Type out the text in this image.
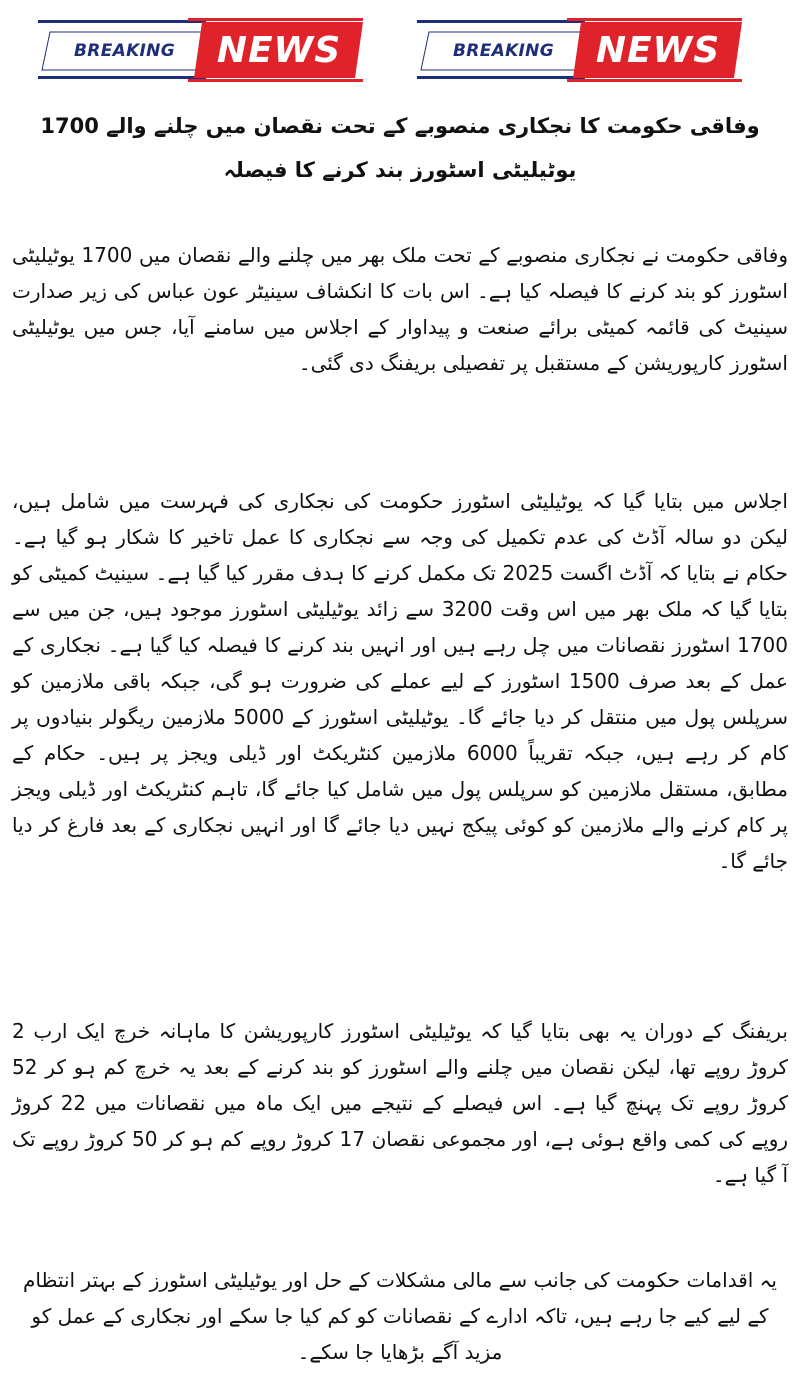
BREAKING	NEWS	BREAKING	NEWS
وفاقی حکومت کا نجکاری منصوبے کے تحت نقصان میں چلنے والے 1700 یوٹیلیٹی اسٹورز بند کرنے کا فیصلہ

وفاقی حکومت نے نجکاری منصوبے کے تحت ملک بھر میں چلنے والے نقصان میں 1700 یوٹیلیٹی اسٹورز کو بند کرنے کا فیصلہ کیا ہے۔ اس بات کا انکشاف سینیٹر عون عباس کی زیر صدارت سینیٹ کی قائمہ کمیٹی برائے صنعت و پیداوار کے اجلاس میں سامنے آیا، جس میں یوٹیلیٹی اسٹورز کارپوریشن کے مستقبل پر تفصیلی بریفنگ دی گئی۔

اجلاس میں بتایا گیا کہ یوٹیلیٹی اسٹورز حکومت کی نجکاری کی فہرست میں شامل ہیں، لیکن دو سالہ آڈٹ کی عدم تکمیل کی وجہ سے نجکاری کا عمل تاخیر کا شکار ہو گیا ہے۔ حکام نے بتایا کہ آڈٹ اگست 2025 تک مکمل کرنے کا ہدف مقرر کیا گیا ہے۔ سینیٹ کمیٹی کو بتایا گیا کہ ملک بھر میں اس وقت 3200 سے زائد یوٹیلیٹی اسٹورز موجود ہیں، جن میں سے 1700 اسٹورز نقصانات میں چل رہے ہیں اور انہیں بند کرنے کا فیصلہ کیا گیا ہے۔ نجکاری کے عمل کے بعد صرف 1500 اسٹورز کے لیے عملے کی ضرورت ہو گی، جبکہ باقی ملازمین کو سرپلس پول میں منتقل کر دیا جائے گا۔ یوٹیلیٹی اسٹورز کے 5000 ملازمین ریگولر بنیادوں پر کام کر رہے ہیں، جبکہ تقریباً 6000 ملازمین کنٹریکٹ اور ڈیلی ویجز پر ہیں۔ حکام کے مطابق، مستقل ملازمین کو سرپلس پول میں شامل کیا جائے گا، تاہم کنٹریکٹ اور ڈیلی ویجز پر کام کرنے والے ملازمین کو کوئی پیکج نہیں دیا جائے گا اور انہیں نجکاری کے بعد فارغ کر دیا جائے گا۔

بریفنگ کے دوران یہ بھی بتایا گیا کہ یوٹیلیٹی اسٹورز کارپوریشن کا ماہانہ خرچ ایک ارب 2 کروڑ روپے تھا، لیکن نقصان میں چلنے والے اسٹورز کو بند کرنے کے بعد یہ خرچ کم ہو کر 52 کروڑ روپے تک پہنچ گیا ہے۔ اس فیصلے کے نتیجے میں ایک ماہ میں نقصانات میں 22 کروڑ روپے کی کمی واقع ہوئی ہے، اور مجموعی نقصان 17 کروڑ روپے کم ہو کر 50 کروڑ روپے تک آ گیا ہے۔

یہ اقدامات حکومت کی جانب سے مالی مشکلات کے حل اور یوٹیلیٹی اسٹورز کے بہتر انتظام کے لیے کیے جا رہے ہیں، تاکہ ادارے کے نقصانات کو کم کیا جا سکے اور نجکاری کے عمل کو مزید آگے بڑھایا جا سکے۔
